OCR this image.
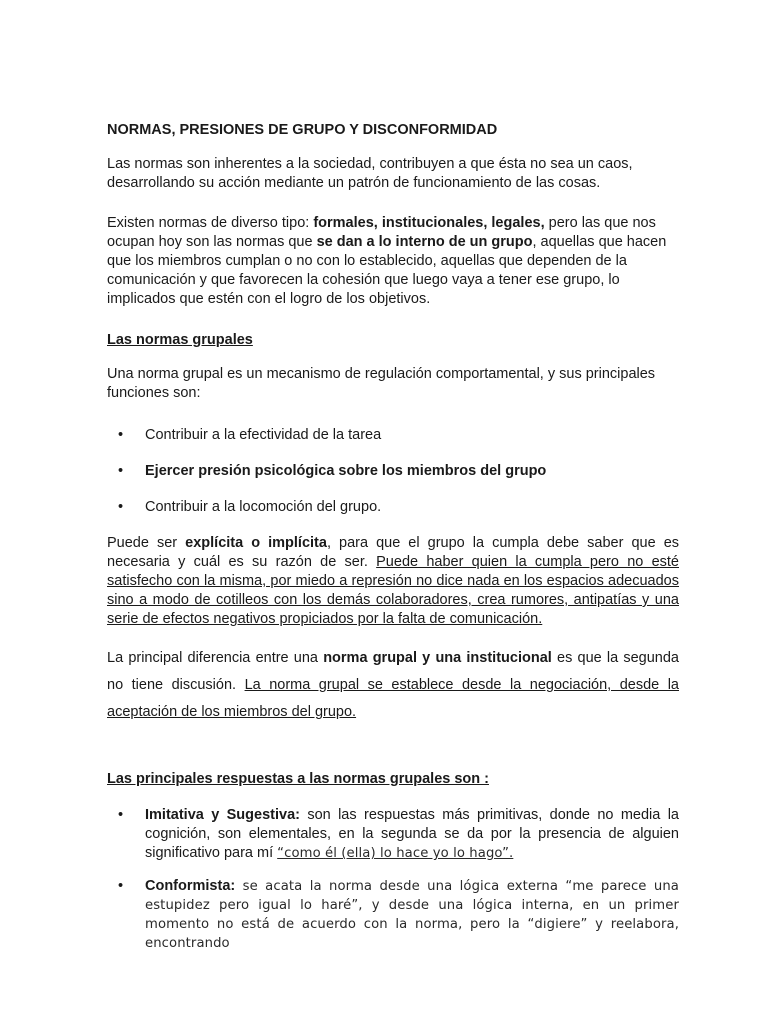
NORMAS, PRESIONES DE GRUPO Y DISCONFORMIDAD

Las normas son inherentes a la sociedad, contribuyen a que ésta no sea un caos, desarrollando su acción mediante un patrón de funcionamiento de las cosas.

Existen normas de diverso tipo: formales, institucionales, legales, pero las que nos ocupan hoy son las normas que se dan a lo interno de un grupo, aquellas que hacen que los miembros cumplan o no con lo establecido, aquellas que dependen de la comunicación y que favorecen la cohesión que luego vaya a tener ese grupo, lo implicados que estén con el logro de los objetivos.

Las normas grupales

Una norma grupal es un mecanismo de regulación comportamental, y sus principales funciones son:

•	Contribuir a la efectividad de la tarea
•	Ejercer presión psicológica sobre los miembros del grupo
•	Contribuir a la locomoción del grupo.

Puede ser explícita o implícita, para que el grupo la cumpla debe saber que es necesaria y cuál es su razón de ser. Puede haber quien la cumpla pero no esté satisfecho con la misma, por miedo a represión no dice nada en los espacios adecuados sino a modo de cotilleos con los demás colaboradores, crea rumores, antipatías y una serie de efectos negativos propiciados por la falta de comunicación.

La principal diferencia entre una norma grupal y una institucional es que la segunda no tiene discusión. La norma grupal se establece desde la negociación, desde la aceptación de los miembros del grupo.

Las principales respuestas a las normas grupales son :
•	Imitativa y Sugestiva: son las respuestas más primitivas, donde no media la cognición, son elementales, en la segunda se da por la presencia de alguien significativo para mí “como él (ella) lo hace yo lo hago”.
•	Conformista: se acata la norma desde una lógica externa “me parece una estupidez pero igual lo haré”, y desde una lógica interna, en un primer momento no está de acuerdo con la norma, pero la “digiere” y reelabora, encontrando
